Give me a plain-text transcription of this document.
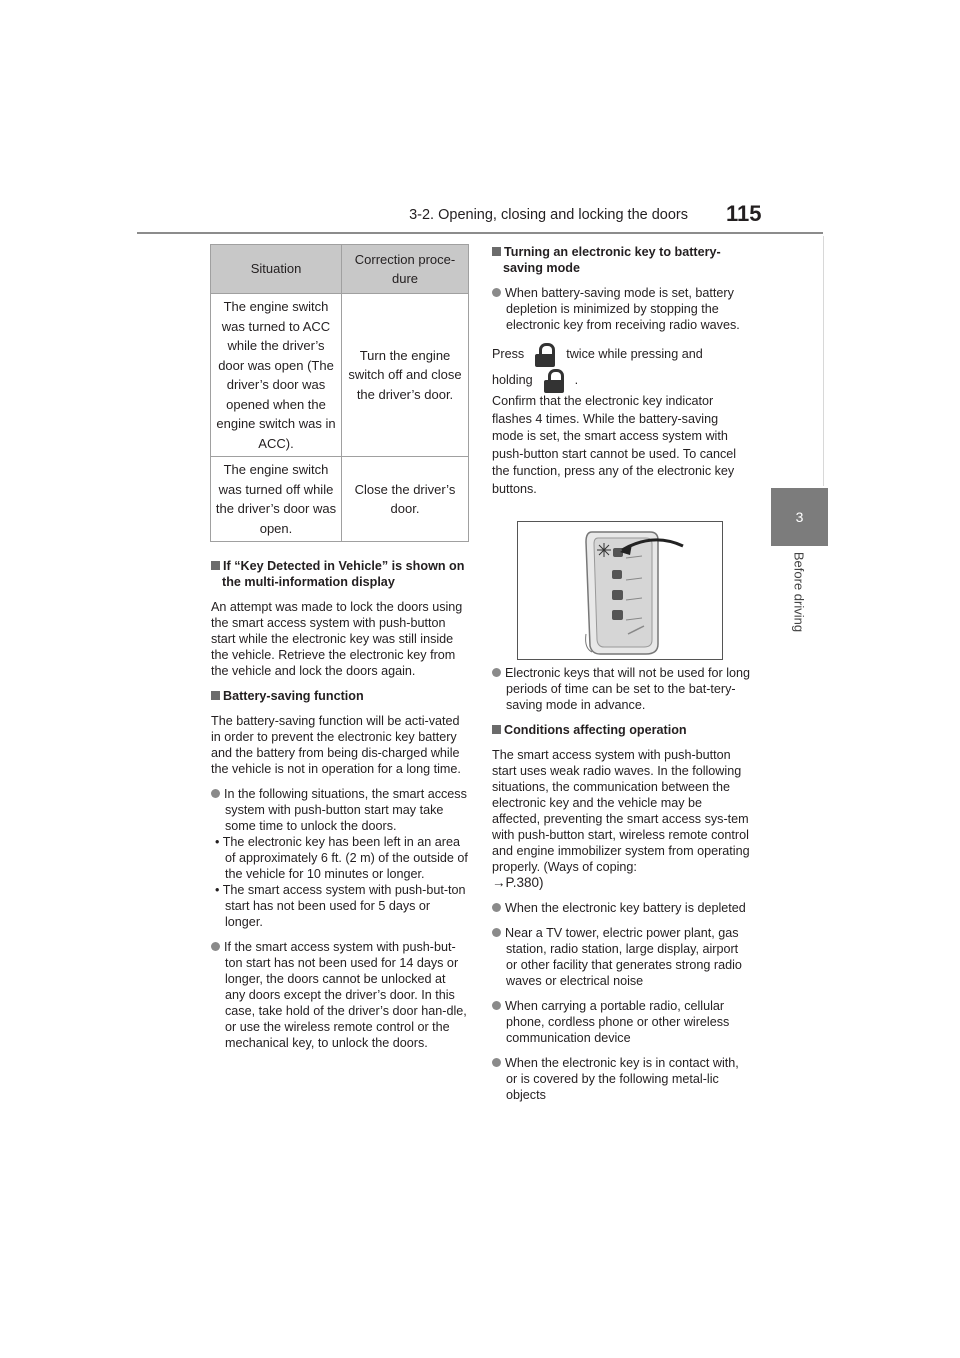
3-2. Opening, closing and locking the doors 115
3
Before driving
Situation	Correction proce-dure
The engine switch was turned to ACC while the driver’s door was open (The driver’s door was opened when the engine switch was in ACC).	Turn the engine switch off and close the driver’s door.
The engine switch was turned off while the driver’s door was open.	Close the driver’s door.

If “Key Detected in Vehicle” is shown on the multi-information display

An attempt was made to lock the doors using the smart access system with push-button start while the electronic key was still inside the vehicle. Retrieve the electronic key from the vehicle and lock the doors again.

Battery-saving function

The battery-saving function will be acti-vated in order to prevent the electronic key battery and the battery from being dis-charged while the vehicle is not in operation for a long time.

In the following situations, the smart access system with push-button start may take some time to unlock the doors.

• The electronic key has been left in an area of approximately 6 ft. (2 m) of the outside of the vehicle for 10 minutes or longer.

• The smart access system with push-but-ton start has not been used for 5 days or longer.

If the smart access system with push-but-ton start has not been used for 14 days or longer, the doors cannot be unlocked at any doors except the driver’s door. In this case, take hold of the driver’s door han-dle, or use the wireless remote control or the mechanical key, to unlock the doors.

Turning an electronic key to battery-saving mode

When battery-saving mode is set, battery depletion is minimized by stopping the electronic key from receiving radio waves.

Press	twice while pressing and

holding	.

Confirm that the electronic key indicator flashes 4 times. While the battery-saving mode is set, the smart access system with push-button start cannot be used. To cancel the function, press any of the electronic key buttons.

Electronic keys that will not be used for long periods of time can be set to the bat-tery-saving mode in advance.

Conditions affecting operation

The smart access system with push-button start uses weak radio waves. In the following situations, the communication between the electronic key and the vehicle may be affected, preventing the smart access sys-tem with push-button start, wireless remote control and engine immobilizer system from operating properly. (Ways of coping:
→P.380)

When the electronic key battery is depleted

Near a TV tower, electric power plant, gas station, radio station, large display, airport or other facility that generates strong radio waves or electrical noise

When carrying a portable radio, cellular phone, cordless phone or other wireless communication device

When the electronic key is in contact with, or is covered by the following metal-lic objects
